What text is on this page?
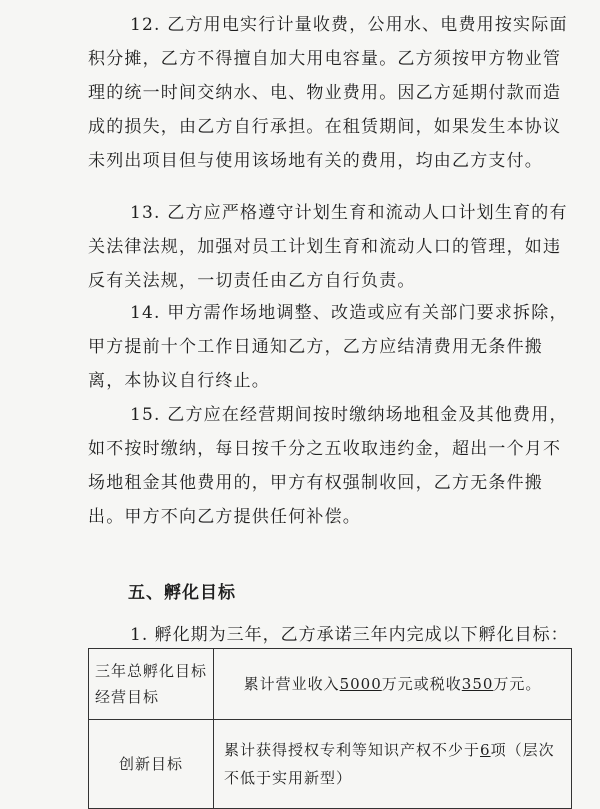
12. 乙方用电实行计量收费，公用水、电费用按实际面积分摊，乙方不得擅自加大用电容量。乙方须按甲方物业管理的统一时间交纳水、电、物业费用。因乙方延期付款而造成的损失，由乙方自行承担。在租赁期间，如果发生本协议未列出项目但与使用该场地有关的费用，均由乙方支付。

13. 乙方应严格遵守计划生育和流动人口计划生育的有关法律法规，加强对员工计划生育和流动人口的管理，如违反有关法规，一切责任由乙方自行负责。

14. 甲方需作场地调整、改造或应有关部门要求拆除，甲方提前十个工作日通知乙方，乙方应结清费用无条件搬离，本协议自行终止。

15. 乙方应在经营期间按时缴纳场地租金及其他费用，如不按时缴纳，每日按千分之五收取违约金，超出一个月不场地租金其他费用的，甲方有权强制收回，乙方无条件搬出。甲方不向乙方提供任何补偿。

五、孵化目标

1. 孵化期为三年，乙方承诺三年内完成以下孵化目标：

三年总孵化目标经营目标	累计营业收入5000万元或税收350万元。
创新目标	累计获得授权专利等知识产权不少于6项（层次不低于实用新型）
